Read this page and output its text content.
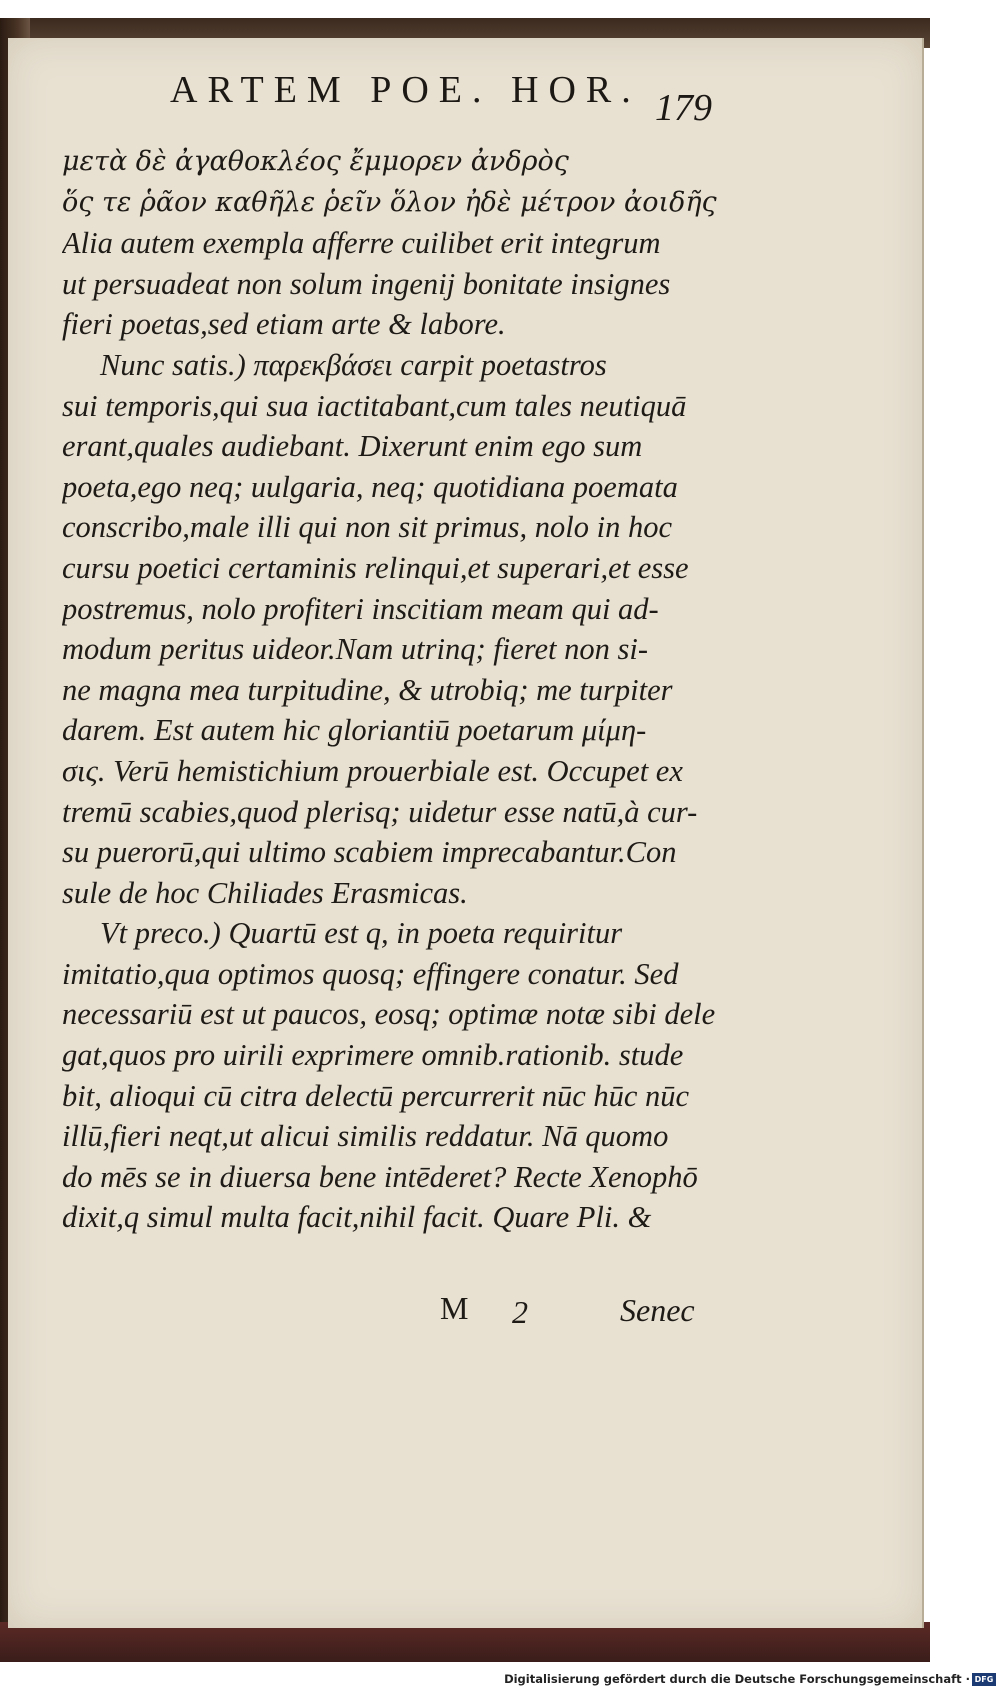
ARTEM POE. HOR. 179
μετὰ δὲ ἀγαθοκλέος ἔμμορεν ἀνδρὸς
ὅς τε ῥᾶον καθῆλε ῥεῖν ὅλον ἠδὲ μέτρον ἀοιδῆς
Alia autem exempla afferre cuilibet erit integrum
ut persuadeat non solum ingenij bonitate insignes
fieri poetas,sed etiam arte & labore.
Nunc satis.) παρεκβάσει carpit poetastros
sui temporis,qui sua iactitabant,cum tales neutiquā
erant,quales audiebant. Dixerunt enim ego sum
poeta,ego neq; uulgaria, neq; quotidiana poemata
conscribo,male illi qui non sit primus, nolo in hoc
cursu poetici certaminis relinqui,et superari,et esse
postremus, nolo profiteri inscitiam meam qui ad-
modum peritus uideor.Nam utrinq; fieret non si-
ne magna mea turpitudine, & utrobiq; me turpiter
darem. Est autem hic gloriantiū poetarum μίμη-
σις. Verū hemistichium prouerbiale est. Occupet ex
tremū scabies,quod plerisq; uidetur esse natū,à cur-
su puerorū,qui ultimo scabiem imprecabantur.Con
sule de hoc Chiliades Erasmicas.
Vt preco.) Quartū est q, in poeta requiritur
imitatio,qua optimos quosq; effingere conatur. Sed
necessariū est ut paucos, eosq; optimæ notæ sibi dele
gat,quos pro uirili exprimere omnib.rationib. stude
bit, alioqui cū citra delectū percurrerit nūc hūc nūc
illū,fieri neqt,ut alicui similis reddatur. Nā quomo
do mēs se in diuersa bene intēderet? Recte Xenophō
dixit,q simul multa facit,nihil facit. Quare Pli. &
M 2	Senec
Digitalisierung gefördert durch die Deutsche Forschungsgemeinschaft · DFG
